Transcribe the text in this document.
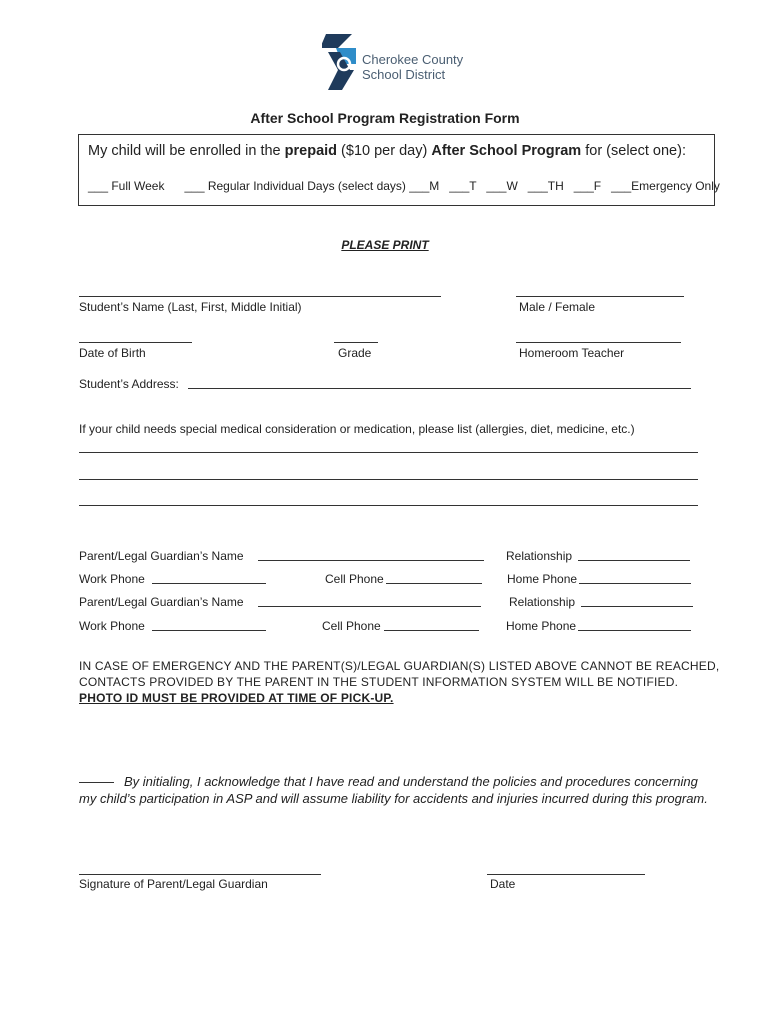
Cherokee County
School District
After School Program Registration Form
My child will be enrolled in the prepaid ($10 per day) After School Program for (select one):
___ Full Week      ___ Regular Individual Days (select days) ___M   ___T   ___W   ___TH   ___F   ___Emergency Only
PLEASE PRINT
Student’s Name (Last, First, Middle Initial)	Male / Female
Date of Birth	Grade	Homeroom Teacher
Student’s Address:
If your child needs special medical consideration or medication, please list (allergies, diet, medicine, etc.)
Parent/Legal Guardian’s Name	Relationship
Work Phone	Cell Phone	Home Phone
Parent/Legal Guardian’s Name	Relationship
Work Phone	Cell Phone	Home Phone
IN CASE OF EMERGENCY AND THE PARENT(S)/LEGAL GUARDIAN(S) LISTED ABOVE CANNOT BE REACHED,
CONTACTS PROVIDED BY THE PARENT IN THE STUDENT INFORMATION SYSTEM WILL BE NOTIFIED.
PHOTO ID MUST BE PROVIDED AT TIME OF PICK-UP.
By initialing, I acknowledge that I have read and understand the policies and procedures concerning
my child’s participation in ASP and will assume liability for accidents and injuries incurred during this program.
Signature of Parent/Legal Guardian	Date
